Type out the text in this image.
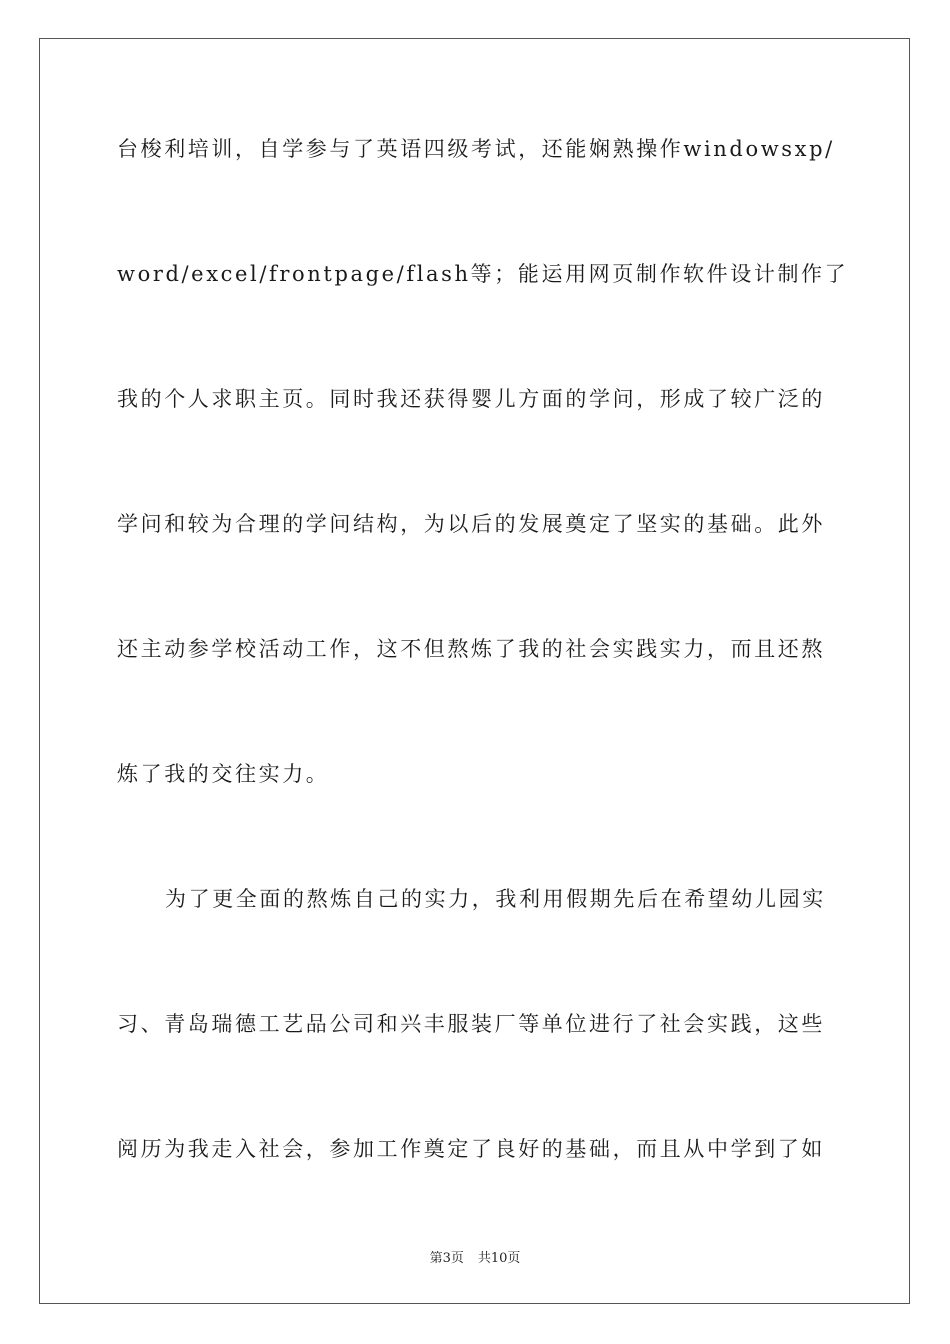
台梭利培训，自学参与了英语四级考试，还能娴熟操作windowsxp/
word/excel/frontpage/flash等；能运用网页制作软件设计制作了
我的个人求职主页。同时我还获得婴儿方面的学问，形成了较广泛的
学问和较为合理的学问结构，为以后的发展奠定了坚实的基础。此外
还主动参学校活动工作，这不但熬炼了我的社会实践实力，而且还熬
炼了我的交往实力。
为了更全面的熬炼自己的实力，我利用假期先后在希望幼儿园实
习、青岛瑞德工艺品公司和兴丰服装厂等单位进行了社会实践，这些
阅历为我走入社会，参加工作奠定了良好的基础，而且从中学到了如
第3页 共10页
